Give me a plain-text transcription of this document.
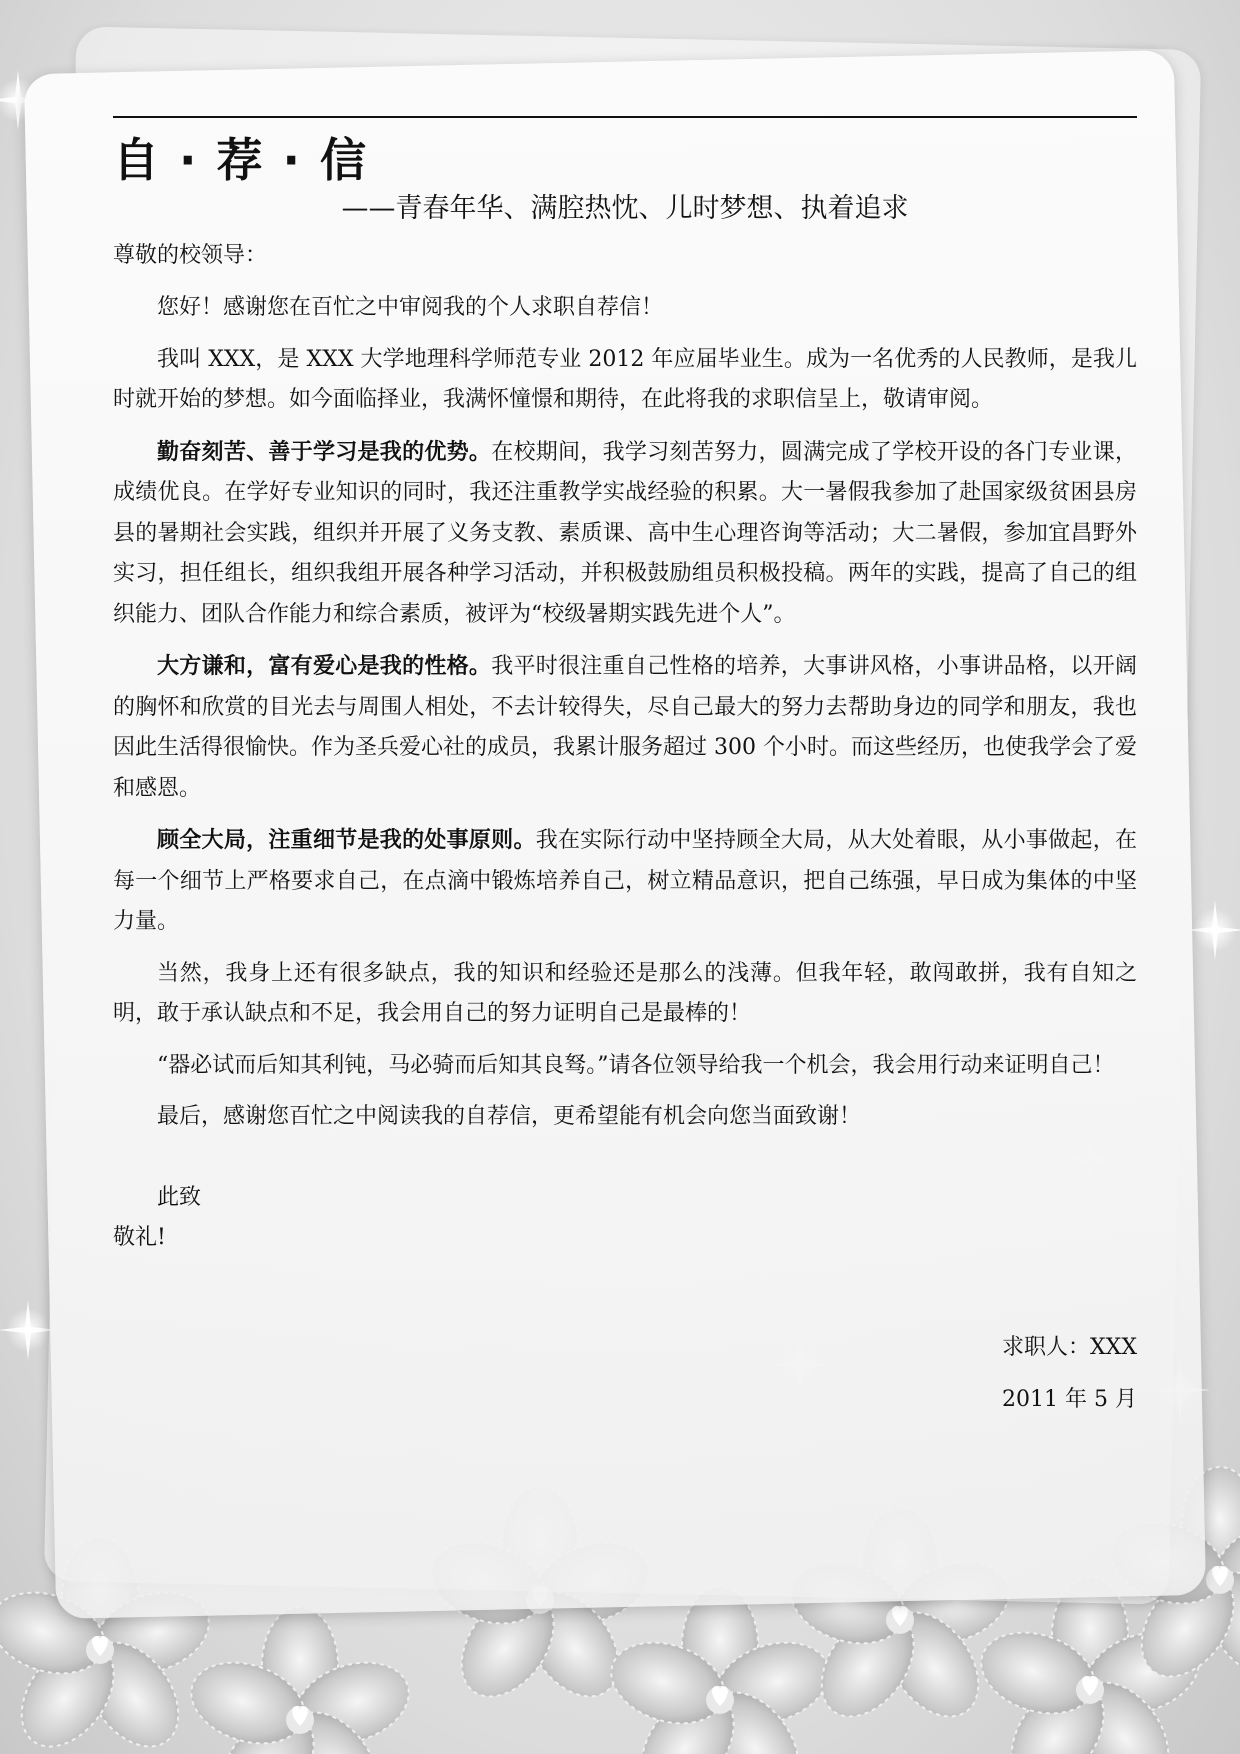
自 · 荐 · 信
——青春年华、满腔热忱、儿时梦想、执着追求

尊敬的校领导：

您好！感谢您在百忙之中审阅我的个人求职自荐信！

我叫 XXX，是 XXX 大学地理科学师范专业 2012 年应届毕业生。成为一名优秀的人民教师，是我儿时就开始的梦想。如今面临择业，我满怀憧憬和期待，在此将我的求职信呈上，敬请审阅。

勤奋刻苦、善于学习是我的优势。在校期间，我学习刻苦努力，圆满完成了学校开设的各门专业课，成绩优良。在学好专业知识的同时，我还注重教学实战经验的积累。大一暑假我参加了赴国家级贫困县房县的暑期社会实践，组织并开展了义务支教、素质课、高中生心理咨询等活动；大二暑假，参加宜昌野外实习，担任组长，组织我组开展各种学习活动，并积极鼓励组员积极投稿。两年的实践，提高了自己的组织能力、团队合作能力和综合素质，被评为“校级暑期实践先进个人”。

大方谦和，富有爱心是我的性格。我平时很注重自己性格的培养，大事讲风格，小事讲品格，以开阔的胸怀和欣赏的目光去与周围人相处，不去计较得失，尽自己最大的努力去帮助身边的同学和朋友，我也因此生活得很愉快。作为圣兵爱心社的成员，我累计服务超过 300 个小时。而这些经历，也使我学会了爱和感恩。

顾全大局，注重细节是我的处事原则。我在实际行动中坚持顾全大局，从大处着眼，从小事做起，在每一个细节上严格要求自己，在点滴中锻炼培养自己，树立精品意识，把自己练强，早日成为集体的中坚力量。

当然，我身上还有很多缺点，我的知识和经验还是那么的浅薄。但我年轻，敢闯敢拼，我有自知之明，敢于承认缺点和不足，我会用自己的努力证明自己是最棒的！

“器必试而后知其利钝，马必骑而后知其良驽。”请各位领导给我一个机会，我会用行动来证明自己！

最后，感谢您百忙之中阅读我的自荐信，更希望能有机会向您当面致谢！

此致

敬礼!

求职人：XXX

2011 年 5 月
